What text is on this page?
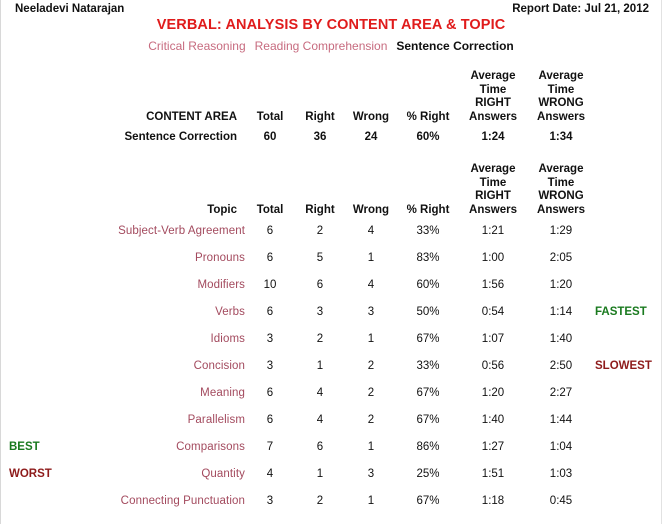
Neeladevi Natarajan	Report Date: Jul 21, 2012
VERBAL: ANALYSIS BY CONTENT AREA & TOPIC
Critical Reasoning Reading Comprehension Sentence Correction
	CONTENT AREA	Total	Right	Wrong	% Right	Average
Time
RIGHT
Answers	Average
Time
WRONG
Answers	
	Sentence Correction	60	36	24	60%	1:24	1:34	
	Topic	Total	Right	Wrong	% Right	Average
Time
RIGHT
Answers	Average
Time
WRONG
Answers	
	Subject-Verb Agreement	6	2	4	33%	1:21	1:29	
	Pronouns	6	5	1	83%	1:00	2:05	
	Modifiers	10	6	4	60%	1:56	1:20	
	Verbs	6	3	3	50%	0:54	1:14	FASTEST
	Idioms	3	2	1	67%	1:07	1:40	
	Concision	3	1	2	33%	0:56	2:50	SLOWEST
	Meaning	6	4	2	67%	1:20	2:27	
	Parallelism	6	4	2	67%	1:40	1:44	
BEST	Comparisons	7	6	1	86%	1:27	1:04	
WORST	Quantity	4	1	3	25%	1:51	1:03	
	Connecting Punctuation	3	2	1	67%	1:18	0:45	
